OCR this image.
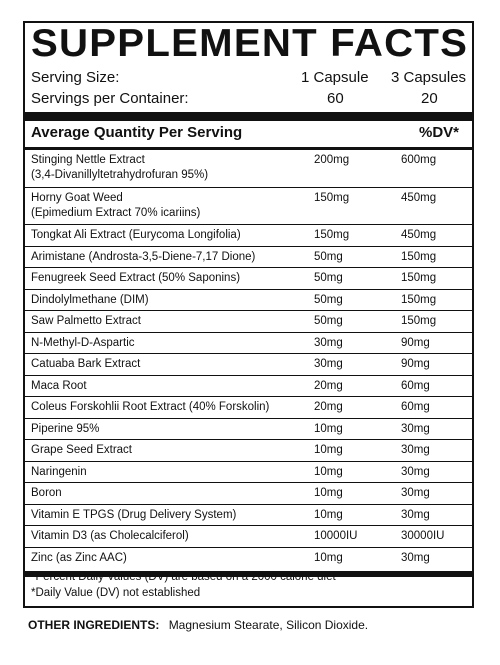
SUPPLEMENT FACTS
Serving Size:	1 Capsule	3 Capsules
Servings per Container:	60	20
Average Quantity Per Serving	%DV*
Stinging Nettle Extract
(3,4-Divanillyltetrahydrofuran 95%)
200mg	600mg
Horny Goat Weed
(Epimedium Extract 70% icariins)
150mg	450mg
Tongkat Ali Extract (Eurycoma Longifolia)	150mg	450mg
Arimistane (Androsta-3,5-Diene-7,17 Dione)	50mg	150mg
Fenugreek Seed Extract (50% Saponins)	50mg	150mg
Dindolylmethane (DIM)	50mg	150mg
Saw Palmetto Extract	50mg	150mg
N-Methyl-D-Aspartic	30mg	90mg
Catuaba Bark Extract	30mg	90mg
Maca Root	20mg	60mg
Coleus Forskohlii Root Extract (40% Forskolin)	20mg	60mg
Piperine 95%	10mg	30mg
Grape Seed Extract	10mg	30mg
Naringenin	10mg	30mg
Boron	10mg	30mg
Vitamin E TPGS (Drug Delivery System)	10mg	30mg
Vitamin D3 (as Cholecalciferol)	10000IU	30000IU
Zinc (as Zinc AAC)	10mg	30mg
*Percent Daily Values (DV) are based on a 2000 calorie diet
*Daily Value (DV) not established
OTHER INGREDIENTS: Magnesium Stearate, Silicon Dioxide.
